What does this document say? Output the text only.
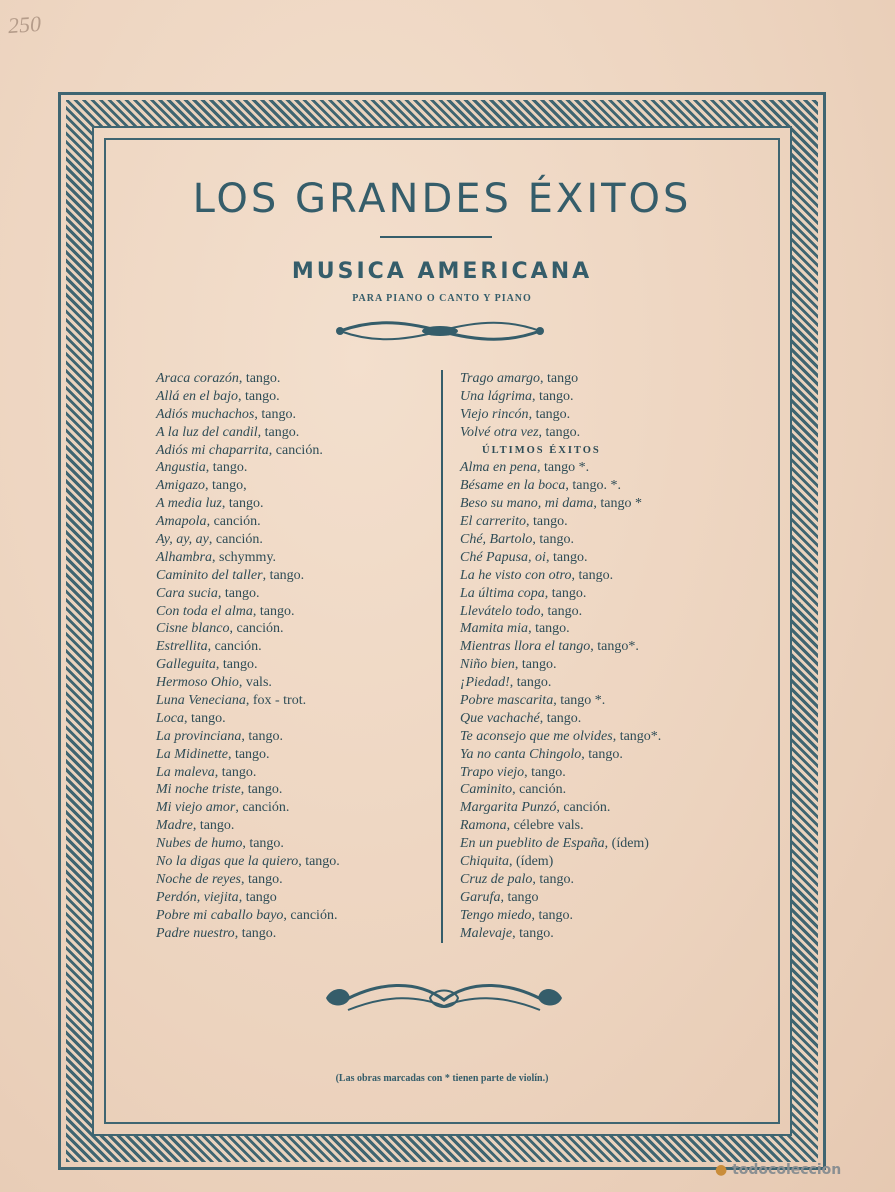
250
LOS GRANDES ÉXITOS
MUSICA AMERICANA
PARA PIANO O CANTO Y PIANO
Araca corazón, tango.
Allá en el bajo, tango.
Adiós muchachos, tango.
A la luz del candil, tango.
Adiós mi chaparrita, canción.
Angustia, tango.
Amigazo, tango,
A media luz, tango.
Amapola, canción.
Ay, ay, ay, canción.
Alhambra, schymmy.
Caminito del taller, tango.
Cara sucia, tango.
Con toda el alma, tango.
Cisne blanco, canción.
Estrellita, canción.
Galleguita, tango.
Hermoso Ohio, vals.
Luna Veneciana, fox - trot.
Loca, tango.
La provinciana, tango.
La Midinette, tango.
La maleva, tango.
Mi noche triste, tango.
Mi viejo amor, canción.
Madre, tango.
Nubes de humo, tango.
No la digas que la quiero, tango.
Noche de reyes, tango.
Perdón, viejita, tango
Pobre mi caballo bayo, canción.
Padre nuestro, tango.
Trago amargo, tango
Una lágrima, tango.
Viejo rincón, tango.
Volvé otra vez, tango.
ÚLTIMOS ÉXITOS
Alma en pena, tango *.
Bésame en la boca, tango. *.
Beso su mano, mi dama, tango *
El carrerito, tango.
Ché, Bartolo, tango.
Ché Papusa, oi, tango.
La he visto con otro, tango.
La última copa, tango.
Llevátelo todo, tango.
Mamita mia, tango.
Mientras llora el tango, tango*.
Niño bien, tango.
¡Piedad!, tango.
Pobre mascarita, tango *.
Que vachaché, tango.
Te aconsejo que me olvides, tango*.
Ya no canta Chingolo, tango.
Trapo viejo, tango.
Caminito, canción.
Margarita Punzó, canción.
Ramona, célebre vals.
En un pueblito de España, (ídem)
Chiquita, (ídem)
Cruz de palo, tango.
Garufa, tango
Tengo miedo, tango.
Malevaje, tango.
(Las obras marcadas con * tienen parte de violín.)
● todocoleccion
